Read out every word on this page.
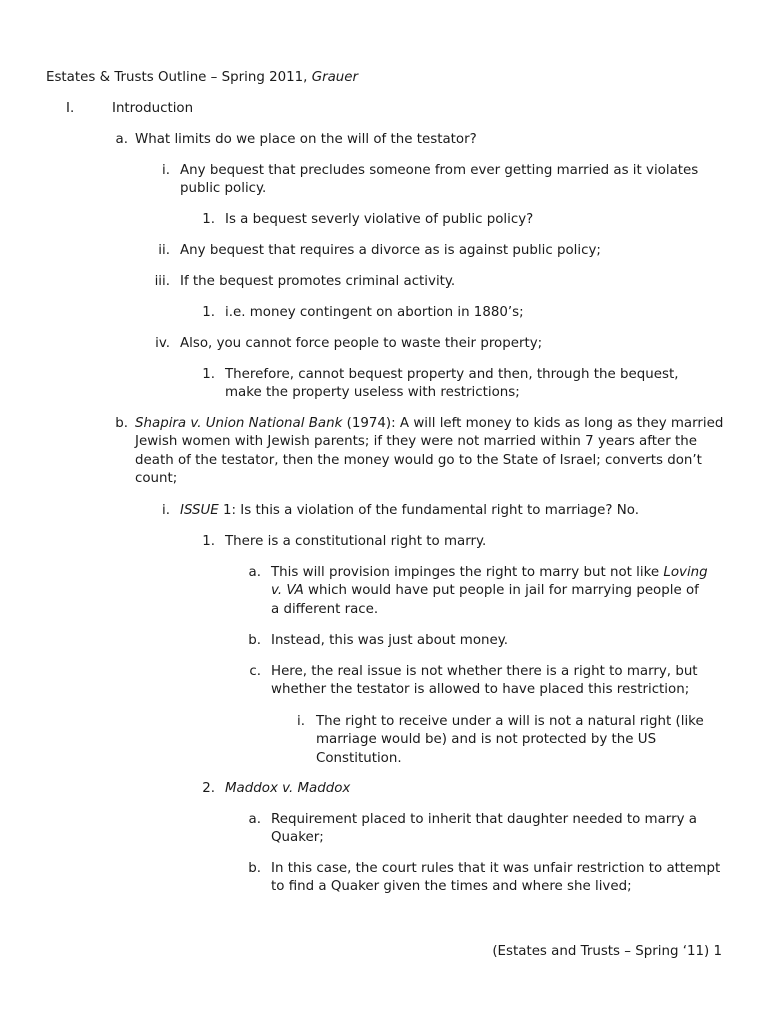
Estates & Trusts Outline – Spring 2011, Grauer
I.	Introduction
a. What limits do we place on the will of the testator?
i. Any bequest that precludes someone from ever getting married as it violates public policy.
1. Is a bequest severly violative of public policy?
ii. Any bequest that requires a divorce as is against public policy;
iii. If the bequest promotes criminal activity.
1. i.e. money contingent on abortion in 1880’s;
iv. Also, you cannot force people to waste their property;
1. Therefore, cannot bequest property and then, through the bequest, make the property useless with restrictions;
b. Shapira v. Union National Bank (1974): A will left money to kids as long as they married Jewish women with Jewish parents; if they were not married within 7 years after the death of the testator, then the money would go to the State of Israel; converts don’t count;
i. ISSUE 1: Is this a violation of the fundamental right to marriage? No.
1. There is a constitutional right to marry.
a. This will provision impinges the right to marry but not like Loving v. VA which would have put people in jail for marrying people of a different race.
b. Instead, this was just about money.
c. Here, the real issue is not whether there is a right to marry, but whether the testator is allowed to have placed this restriction;
i. The right to receive under a will is not a natural right (like marriage would be) and is not protected by the US Constitution.
2. Maddox v. Maddox
a. Requirement placed to inherit that daughter needed to marry a Quaker;
b. In this case, the court rules that it was unfair restriction to attempt to find a Quaker given the times and where she lived;
(Estates and Trusts – Spring ‘11) 1
